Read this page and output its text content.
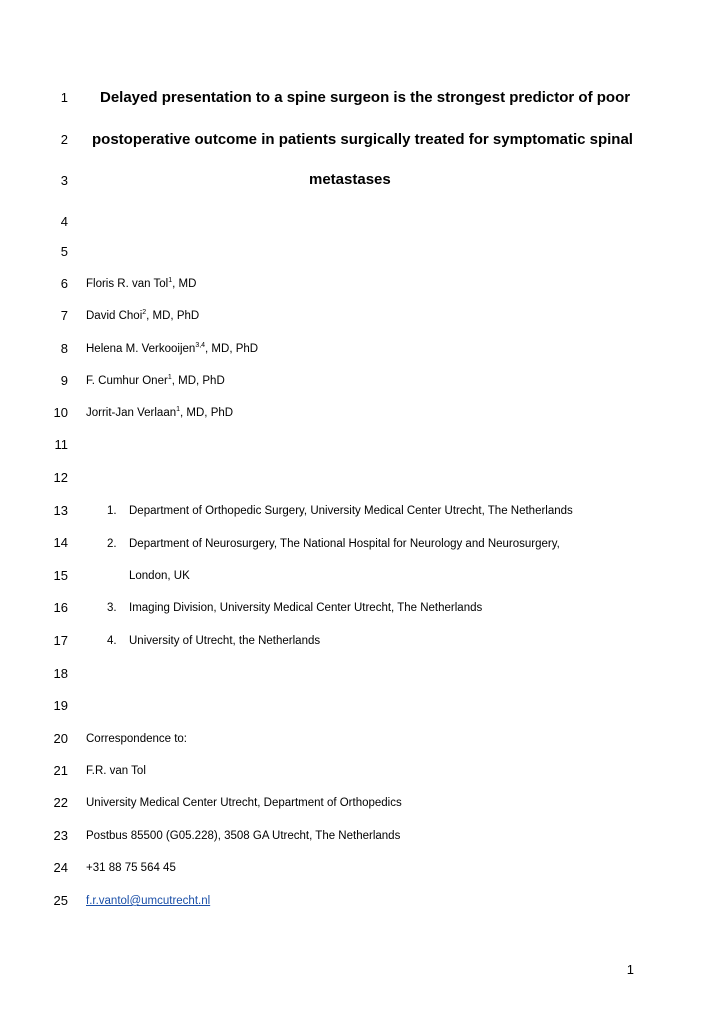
1
2
3
4
5
6
7
8
9
10
11
12
13
14
15
16
17
18
19
20
21
22
23
24
25
Delayed presentation to a spine surgeon is the strongest predictor of poor
postoperative outcome in patients surgically treated for symptomatic spinal
metastases
Floris R. van Tol$^1$, MD
David Choi$^2$, MD, PhD
Helena M. Verkooijen$^{3,4}$, MD, PhD
F. Cumhur Oner$^1$, MD, PhD
Jorrit-Jan Verlaan$^1$, MD, PhD
1. Department of Orthopedic Surgery, University Medical Center Utrecht, The Netherlands
2. Department of Neurosurgery, The National Hospital for Neurology and Neurosurgery,
London, UK
3. Imaging Division, University Medical Center Utrecht, The Netherlands
4. University of Utrecht, the Netherlands
Correspondence to:
F.R. van Tol
University Medical Center Utrecht, Department of Orthopedics
Postbus 85500 (G05.228), 3508 GA Utrecht, The Netherlands
+31 88 75 564 45
f.r.vantol@umcutrecht.nl
1
